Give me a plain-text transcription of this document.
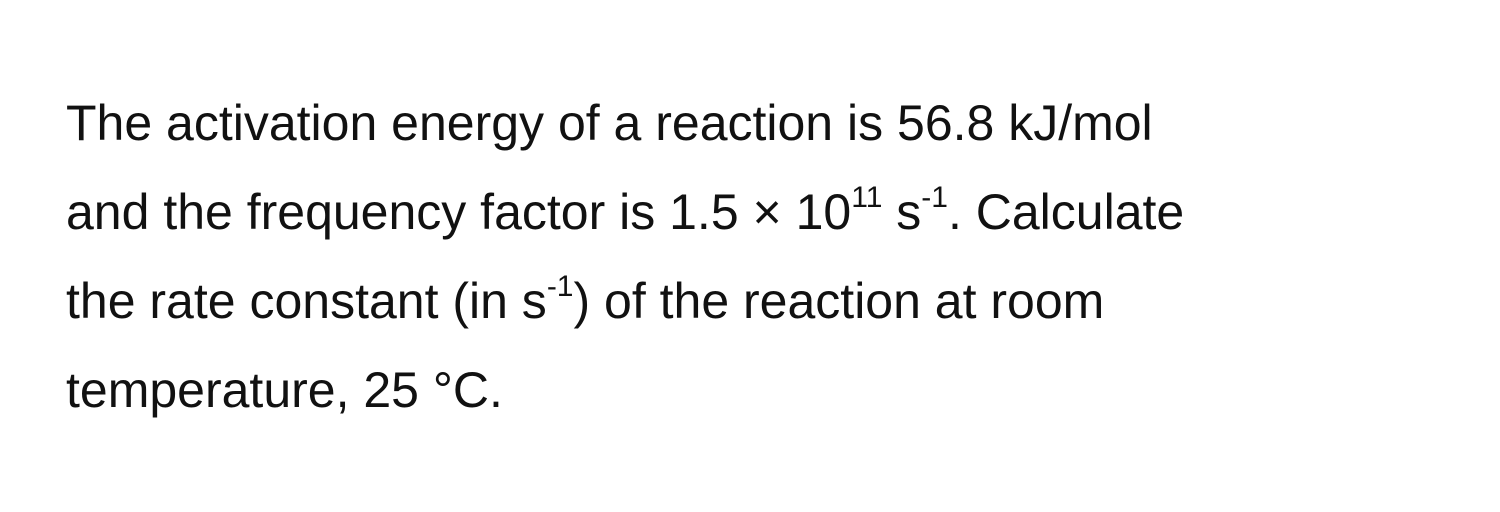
The activation energy of a reaction is 56.8 kJ/mol
and the frequency factor is $1.5 \times 10^{11}$ $s^{-1}$. Calculate
the rate constant (in $s^{-1}$) of the reaction at room
temperature, 25 °C.
